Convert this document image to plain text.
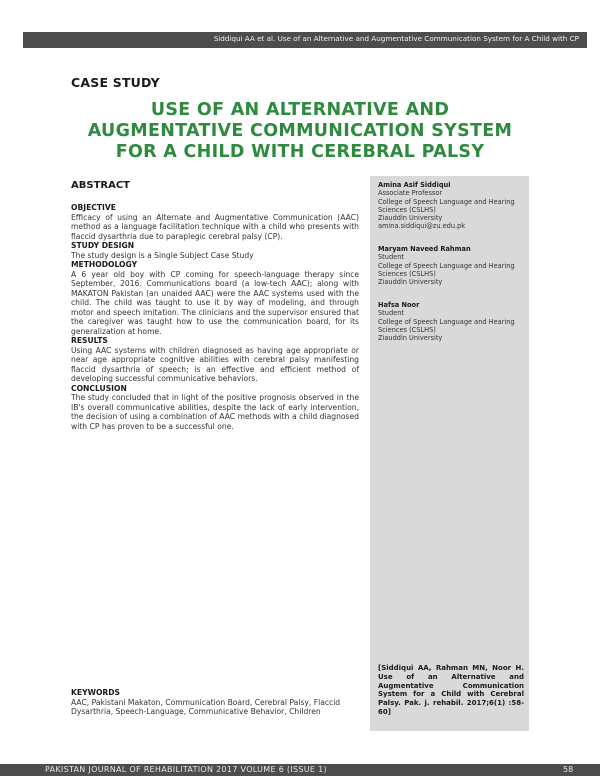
Siddiqui AA et al. Use of an Alternative and Augmentative Communication System for A Child with CP
CASE STUDY
USE OF AN ALTERNATIVE AND
AUGMENTATIVE COMMUNICATION SYSTEM
FOR A CHILD WITH CEREBRAL PALSY
ABSTRACT
OBJECTIVE

Efficacy of using an Alternate and Augmentative Communication (AAC) method as a language facilitation technique with a child who presents with flaccid dysarthria due to paraplegic cerebral palsy (CP).

STUDY DESIGN

The study design is a Single Subject Case Study

METHODOLOGY

A 6 year old boy with CP coming for speech-language therapy since September, 2016. Communications board (a low-tech AAC); along with MAKATON Pakistan (an unaided AAC) were the AAC systems used with the child. The child was taught to use it by way of modeling, and through motor and speech imitation. The clinicians and the supervisor ensured that the caregiver was taught how to use the communication board, for its generalization at home.

RESULTS

Using AAC systems with children diagnosed as having age appropriate or near age appropriate cognitive abilities with cerebral palsy manifesting flaccid dysarthria of speech; is an effective and efficient method of developing successful communicative behaviors.

CONCLUSION

The study concluded that in light of the positive prognosis observed in the IB's overall communicative abilities, despite the lack of early intervention, the decision of using a combination of AAC methods with a child diagnosed with CP has proven to be a successful one.

KEYWORDS

AAC, Pakistani Makaton, Communication Board, Cerebral Palsy, Flaccid Dysarthria, Speech-Language, Communicative Behavior, Children

Amina Asif Siddiqui
Associate Professor
College of Speech Language and Hearing Sciences (CSLHS)
Ziauddin University
amina.siddiqui@zu.edu.pk
Maryam Naveed Rahman
Student
College of Speech Language and Hearing Sciences (CSLHS)
Ziauddin University
Hafsa Noor
Student
College of Speech Language and Hearing Sciences (CSLHS)
Ziauddin University
[Siddiqui AA, Rahman MN, Noor H. Use of an Alternative and Augmentative Communication System for a Child with Cerebral Palsy. Pak. j. rehabil. 2017;6(1) :58-60]
PAKISTAN JOURNAL OF REHABILITATION 2017 VOLUME 6 (ISSUE 1)	58
